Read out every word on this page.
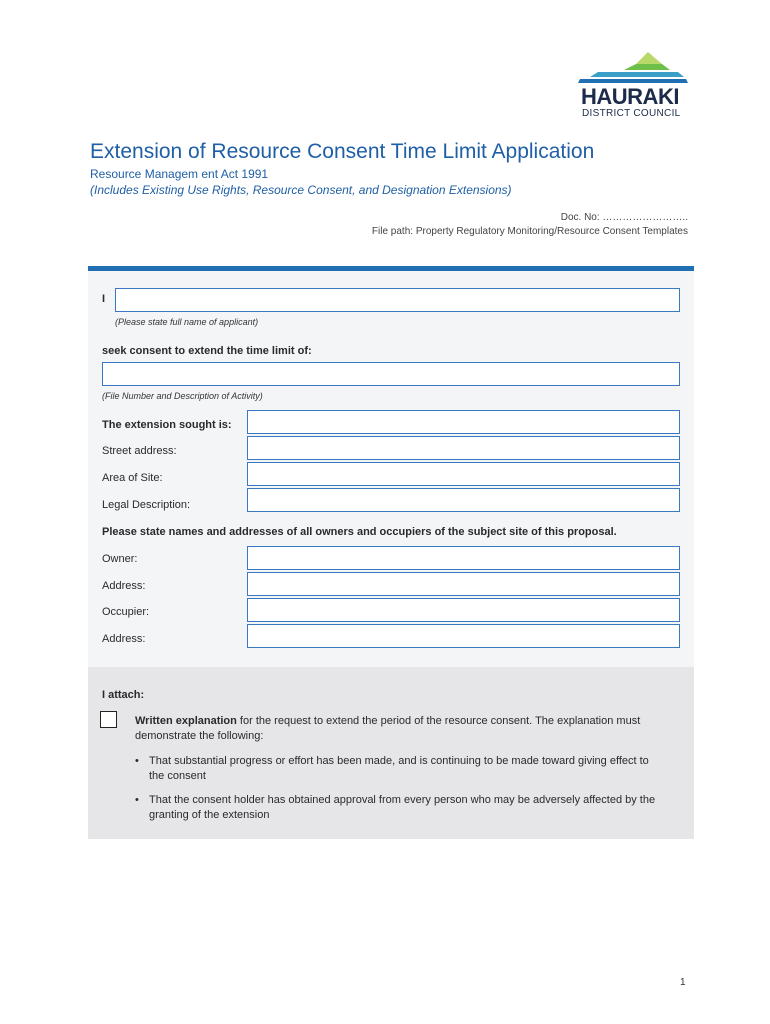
HAURAKI
DISTRICT COUNCIL
Extension of Resource Consent Time Limit Application
Resource Managem ent Act 1991
(Includes Existing Use Rights, Resource Consent, and Designation Extensions)
Doc. No: ……………………..
File path: Property Regulatory Monitoring/Resource Consent Templates
I
(Please state full name of applicant)
seek consent to extend the time limit of:
(File Number and Description of Activity)
The extension sought is:
Street address:
Area of Site:
Legal Description:
Please state names and addresses of all owners and occupiers of the subject site of this proposal.
Owner:
Address:
Occupier:
Address:
I attach:
Written explanation for the request to extend the period of the resource consent. The explanation must demonstrate the following:
• That substantial progress or effort has been made, and is continuing to be made toward giving effect to the consent
• That the consent holder has obtained approval from every person who may be adversely affected by the granting of the extension
1
